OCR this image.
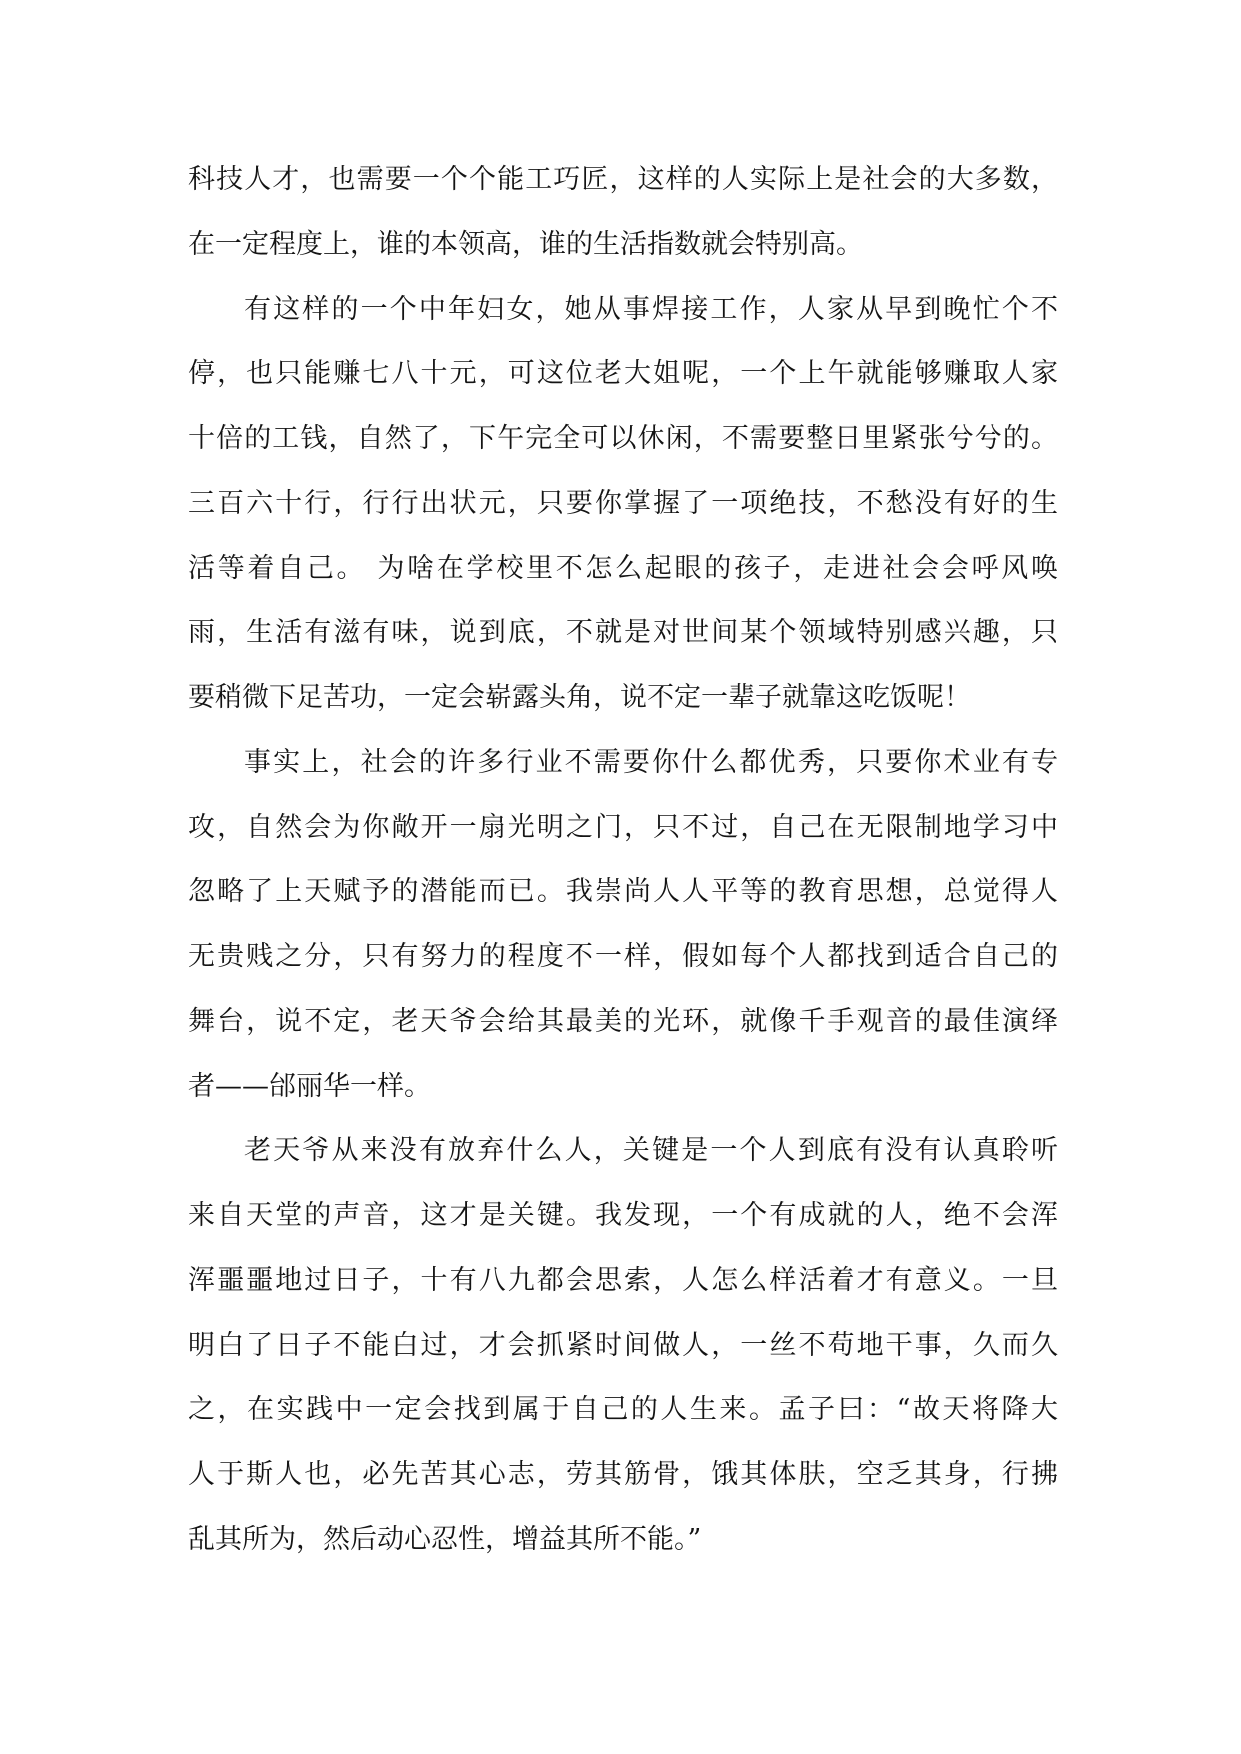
科技人才，也需要一个个能工巧匠，这样的人实际上是社会的大多数，
在一定程度上，谁的本领高，谁的生活指数就会特别高。
有这样的一个中年妇女，她从事焊接工作，人家从早到晚忙个不
停，也只能赚七八十元，可这位老大姐呢，一个上午就能够赚取人家
十倍的工钱，自然了，下午完全可以休闲，不需要整日里紧张兮兮的。
三百六十行，行行出状元，只要你掌握了一项绝技，不愁没有好的生
活等着自己。 为啥在学校里不怎么起眼的孩子，走进社会会呼风唤
雨，生活有滋有味，说到底，不就是对世间某个领域特别感兴趣，只
要稍微下足苦功，一定会崭露头角，说不定一辈子就靠这吃饭呢！
事实上，社会的许多行业不需要你什么都优秀，只要你术业有专
攻，自然会为你敞开一扇光明之门，只不过，自己在无限制地学习中
忽略了上天赋予的潜能而已。我崇尚人人平等的教育思想，总觉得人
无贵贱之分，只有努力的程度不一样，假如每个人都找到适合自己的
舞台，说不定，老天爷会给其最美的光环，就像千手观音的最佳演绎
者——邰丽华一样。
老天爷从来没有放弃什么人，关键是一个人到底有没有认真聆听
来自天堂的声音，这才是关键。我发现，一个有成就的人，绝不会浑
浑噩噩地过日子，十有八九都会思索，人怎么样活着才有意义。一旦
明白了日子不能白过，才会抓紧时间做人，一丝不苟地干事，久而久
之，在实践中一定会找到属于自己的人生来。孟子曰：“故天将降大
人于斯人也，必先苦其心志，劳其筋骨，饿其体肤，空乏其身，行拂
乱其所为，然后动心忍性，增益其所不能。”
